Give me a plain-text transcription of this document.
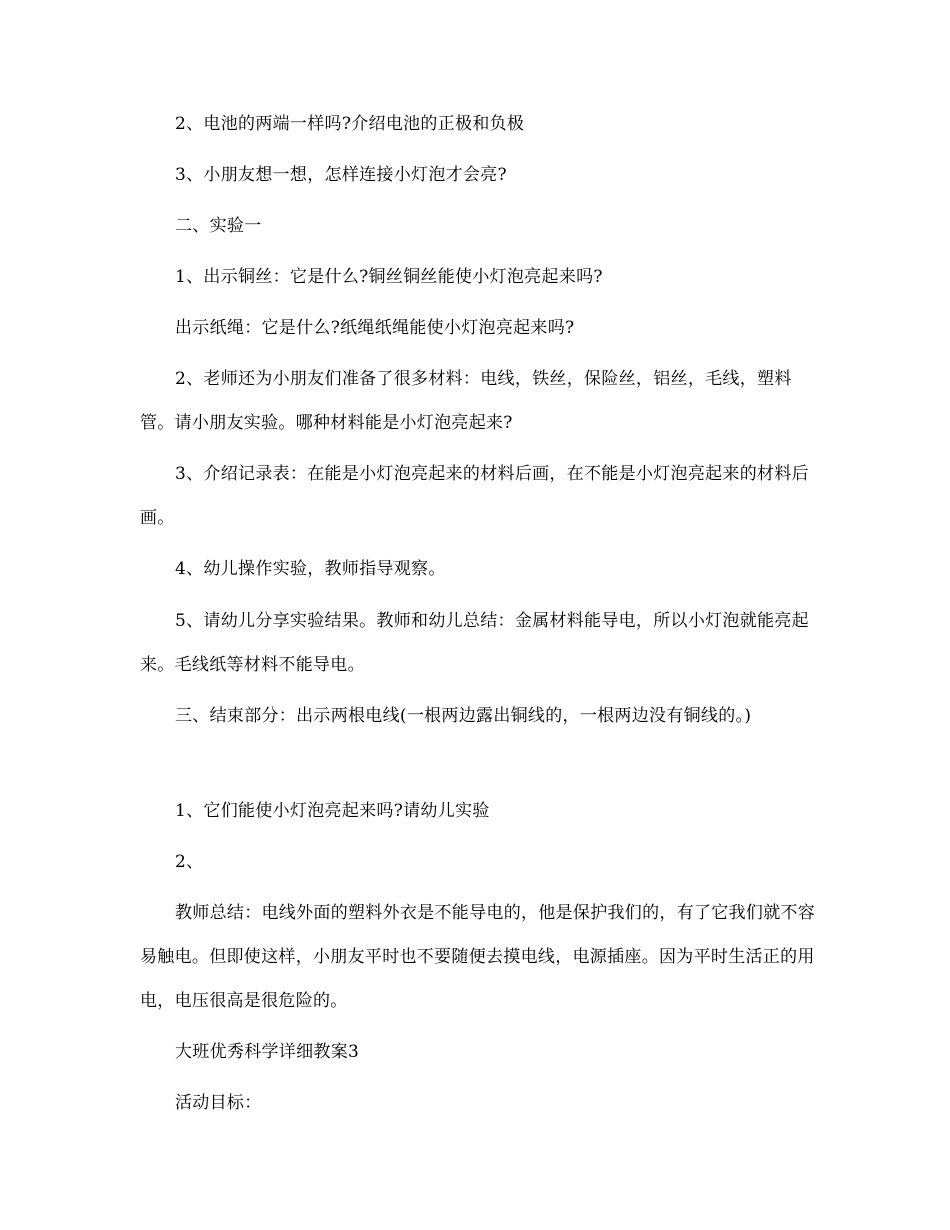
2、电池的两端一样吗?介绍电池的正极和负极

3、小朋友想一想，怎样连接小灯泡才会亮?

二、实验一

1、出示铜丝：它是什么?铜丝铜丝能使小灯泡亮起来吗?

出示纸绳：它是什么?纸绳纸绳能使小灯泡亮起来吗?

2、老师还为小朋友们准备了很多材料：电线，铁丝，保险丝，铝丝，毛线，塑料管。请小朋友实验。哪种材料能是小灯泡亮起来?

3、介绍记录表：在能是小灯泡亮起来的材料后画，在不能是小灯泡亮起来的材料后画。

4、幼儿操作实验，教师指导观察。

5、请幼儿分享实验结果。教师和幼儿总结：金属材料能导电，所以小灯泡就能亮起来。毛线纸等材料不能导电。

三、结束部分：出示两根电线(一根两边露出铜线的，一根两边没有铜线的。)

1、它们能使小灯泡亮起来吗?请幼儿实验

2、

教师总结：电线外面的塑料外衣是不能导电的，他是保护我们的，有了它我们就不容易触电。但即使这样，小朋友平时也不要随便去摸电线，电源插座。因为平时生活正的用电，电压很高是很危险的。

大班优秀科学详细教案3

活动目标：
